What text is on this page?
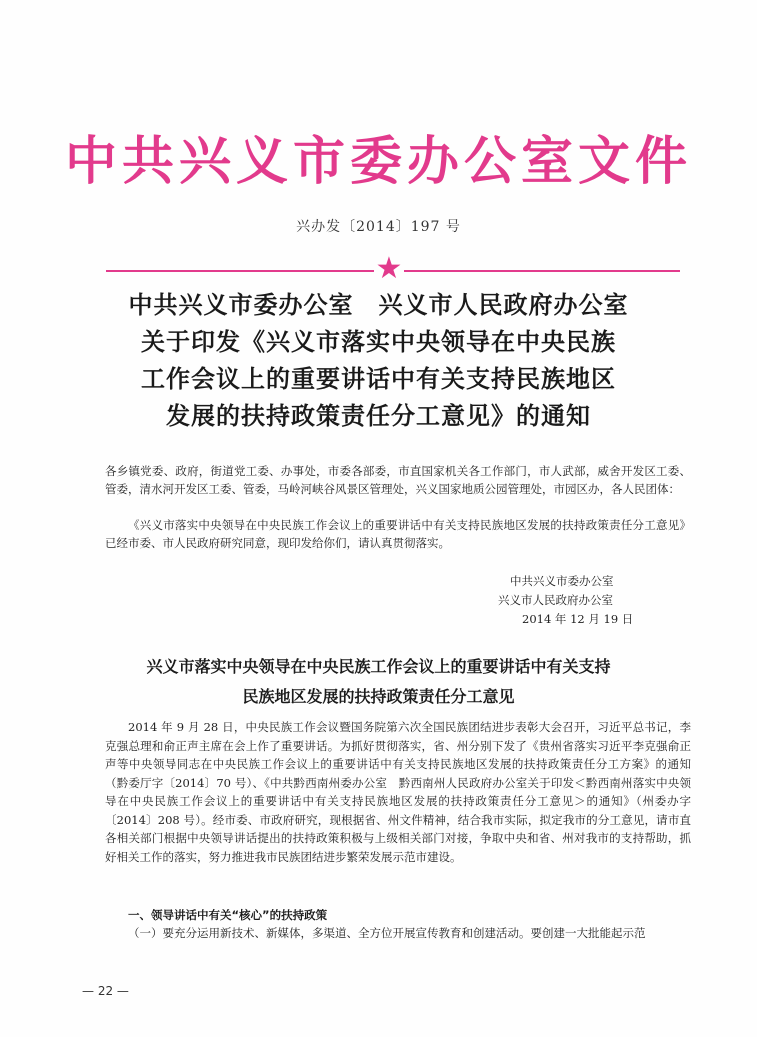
中共兴义市委办公室文件
兴办发〔2014〕197 号
★
中共兴义市委办公室　兴义市人民政府办公室
关于印发《兴义市落实中央领导在中央民族
工作会议上的重要讲话中有关支持民族地区
发展的扶持政策责任分工意见》的通知

各乡镇党委、政府，街道党工委、办事处，市委各部委，市直国家机关各工作部门，市人武部，威舍开发区工委、管委，清水河开发区工委、管委，马岭河峡谷风景区管理处，兴义国家地质公园管理处，市园区办，各人民团体：

《兴义市落实中央领导在中央民族工作会议上的重要讲话中有关支持民族地区发展的扶持政策责任分工意见》已经市委、市人民政府研究同意，现印发给你们，请认真贯彻落实。

中共兴义市委办公室
兴义市人民政府办公室
2014 年 12 月 19 日
兴义市落实中央领导在中央民族工作会议上的重要讲话中有关支持
民族地区发展的扶持政策责任分工意见

2014 年 9 月 28 日，中央民族工作会议暨国务院第六次全国民族团结进步表彰大会召开，习近平总书记，李克强总理和俞正声主席在会上作了重要讲话。为抓好贯彻落实，省、州分别下发了《贵州省落实习近平李克强俞正声等中央领导同志在中央民族工作会议上的重要讲话中有关支持民族地区发展的扶持政策责任分工方案》的通知（黔委厅字〔2014〕70 号）、《中共黔西南州委办公室　黔西南州人民政府办公室关于印发＜黔西南州落实中央领导在中央民族工作会议上的重要讲话中有关支持民族地区发展的扶持政策责任分工意见＞的通知》（州委办字〔2014〕208 号）。经市委、市政府研究，现根据省、州文件精神，结合我市实际，拟定我市的分工意见，请市直各相关部门根据中央领导讲话提出的扶持政策积极与上级相关部门对接，争取中央和省、州对我市的支持帮助，抓好相关工作的落实，努力推进我市民族团结进步繁荣发展示范市建设。

一、领导讲话中有关“核心”的扶持政策

（一）要充分运用新技术、新媒体，多渠道、全方位开展宣传教育和创建活动。要创建一大批能起示范

— 22 —
